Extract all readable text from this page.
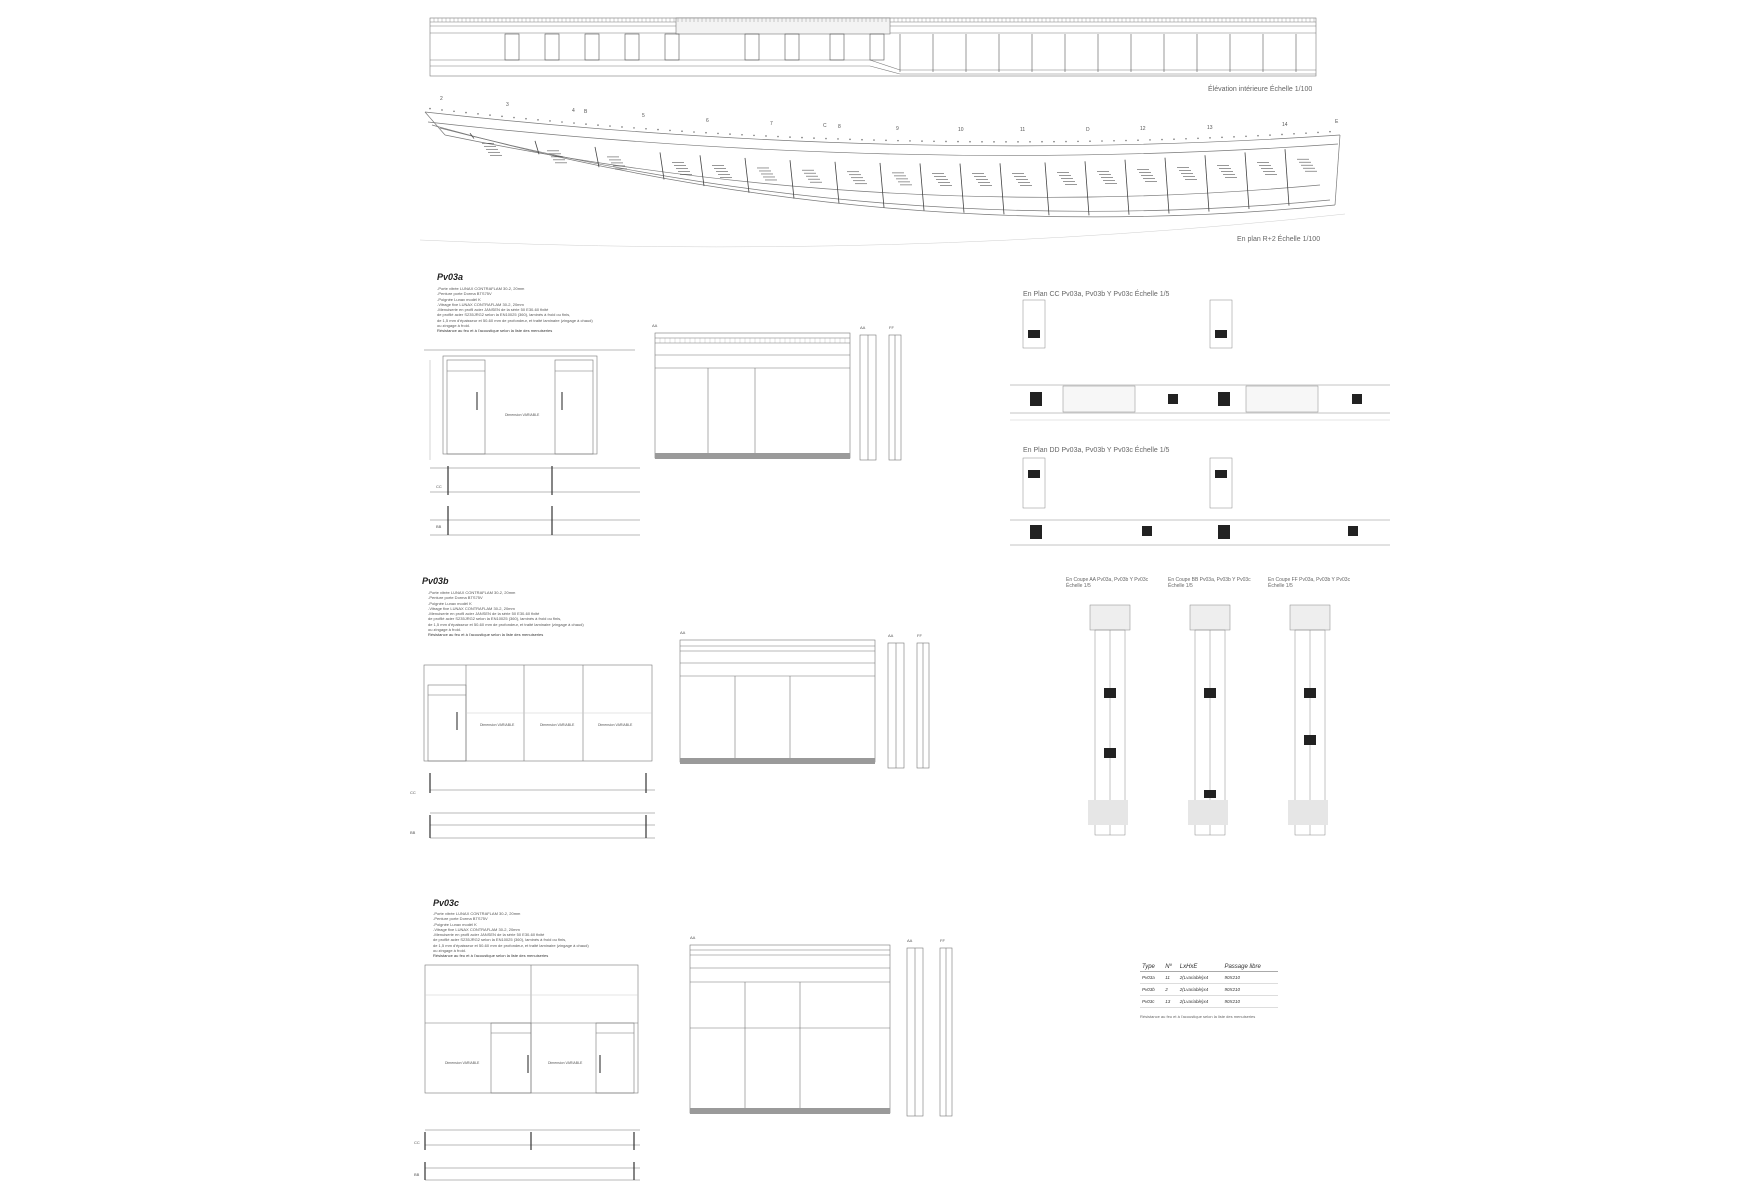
Élévation intérieure Échelle 1/100
2
3
4 B
5
6
7	C 8	9	10	11	D	12	13	14	E
En plan R+2 Échelle 1/100
Pv03a
-Porte vitrée LUNAX CONTRAFLAM 30-2, 20mm
-Penture porte Dorma BTS75V
-Poignée Lunax modèl K
-Vitrage fixe LUNAX CONTRAFLAM 30-2, 20mm
-Menuiserie en profil acier JANSEN de la série 50 E30-60 fixité
de profilé acier S235JRG2 selon la EN10025 (360), laminés à froid ou finis,
de 1,5 mm d'épaisseur et 50-60 mm de profondeur, et traité laminaire (zingage à chaud)
ou zingage à froid.
Résistance au feu et à l'acoustique selon la liste des menuiseries
Dimension VARIABLE
CC
BB
AA	AA	FF
Pv03b
-Porte vitrée LUNAX CONTRAFLAM 30-2, 20mm
-Penture porte Dorma BTS75V
-Poignée Lunax modèl K
-Vitrage fixe LUNAX CONTRAFLAM 30-2, 20mm
-Menuiserie en profil acier JANSEN de la série 50 E30-60 fixité
de profilé acier S235JRG2 selon la EN10025 (360), laminés à froid ou finis,
de 1,5 mm d'épaisseur et 50-60 mm de profondeur, et traité laminaire (zingage à chaud)
ou zingage à froid.
Résistance au feu et à l'acoustique selon la liste des menuiseries
Dimension VARIABLE	Dimension VARIABLE	Dimension VARIABLE
CC
BB
AA
AA	FF
Pv03c
-Porte vitrée LUNAX CONTRAFLAM 30-2, 20mm
-Penture porte Dorma BTS75V
-Poignée Lunax modèl K
-Vitrage fixe LUNAX CONTRAFLAM 30-2, 20mm
-Menuiserie en profil acier JANSEN de la série 50 E30-60 fixité
de profilé acier S235JRG2 selon la EN10025 (360), laminés à froid ou finis,
de 1,5 mm d'épaisseur et 50-60 mm de profondeur, et traité laminaire (zingage à chaud)
ou zingage à froid.
Résistance au feu et à l'acoustique selon la liste des menuiseries
Dimension VARIABLE	Dimension VARIABLE
CC
BB
AA
AA	FF
En Plan CC Pv03a, Pv03b Y Pv03c Échelle 1/5
En Plan DD Pv03a, Pv03b Y Pv03c Échelle 1/5
En Coupe AA Pv03a, Pv03b Y Pv03c Échelle 1/5
En Coupe BB Pv03a, Pv03b Y Pv03c Échelle 1/5
En Coupe FF Pv03a, Pv03b Y Pv03c Échelle 1/5
Type	Nº	LxHxE	Passage libre
Pv03a	11	2(Lvariable)x4	90X210
Pv03b	2	2(Lvariable)x4	90X210
Pv03c	13	2(Lvariable)x4	90X210
Résistance au feu et à l'acoustique selon la liste des menuiseries
